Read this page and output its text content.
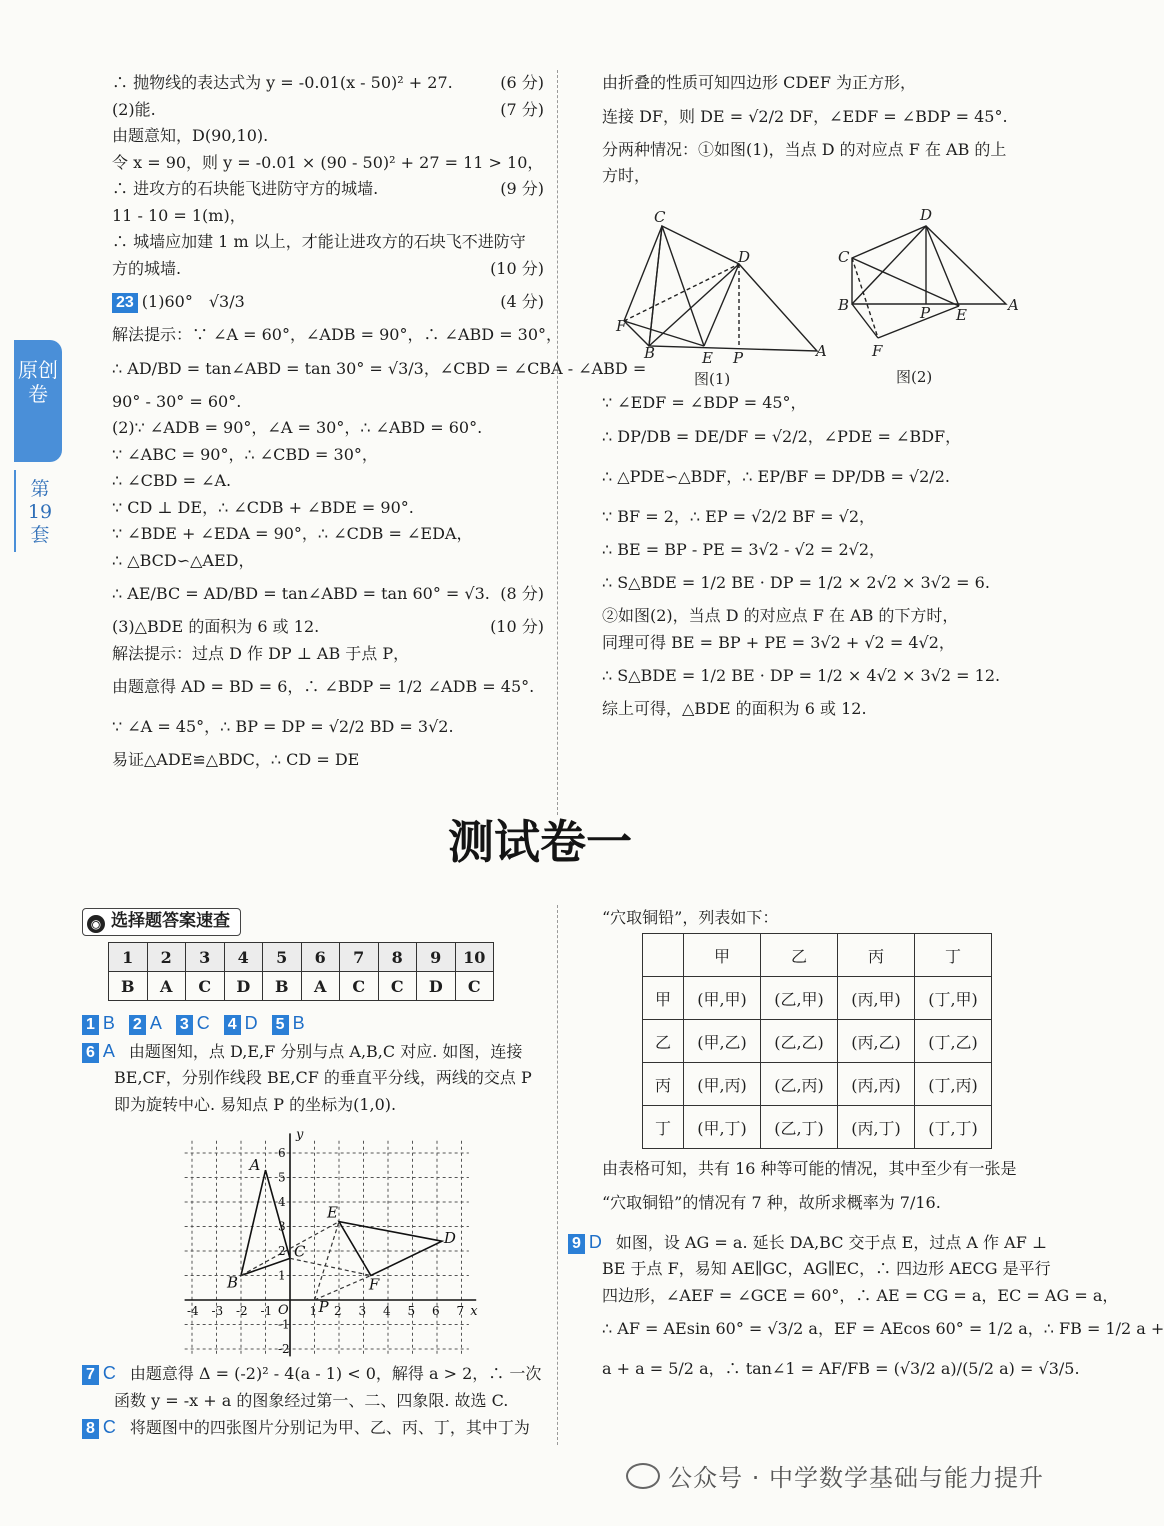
原创卷
第19套
(6 分)
∴ 抛物线的表达式为 y = -0.01(x - 50)² + 27.
(7 分)
(2)能.
由题意知，D(90,10).
令 x = 90，则 y = -0.01 × (90 - 50)² + 27 = 11 > 10，
(9 分)
∴ 进攻方的石块能飞进防守方的城墙.
11 - 10 = 1(m)，
∴ 城墙应加建 1 m 以上，才能让进攻方的石块飞不进防守
(10 分)
方的城墙.
(4 分)
23 (1)60°　√3/3
解法提示：∵ ∠A = 60°，∠ADB = 90°，∴ ∠ABD = 30°，
∴ AD/BD = tan∠ABD = tan 30° = √3/3，∠CBD = ∠CBA - ∠ABD =
90° - 30° = 60°.
(2)∵ ∠ADB = 90°，∠A = 30°，∴ ∠ABD = 60°.
∵ ∠ABC = 90°，∴ ∠CBD = 30°，
∴ ∠CBD = ∠A.
∵ CD ⊥ DE，∴ ∠CDB + ∠BDE = 90°.
∵ ∠BDE + ∠EDA = 90°，∴ ∠CDB = ∠EDA，
∴ △BCD∽△AED，
(8 分)
∴ AE/BC = AD/BD = tan∠ABD = tan 60° = √3.
(10 分)
(3)△BDE 的面积为 6 或 12.
解法提示：过点 D 作 DP ⊥ AB 于点 P，
由题意得 AD = BD = 6，∴ ∠BDP = 1/2 ∠ADB = 45°.
∵ ∠A = 45°，∴ BP = DP = √2/2 BD = 3√2.
易证△ADE≌△BDC，∴ CD = DE
由折叠的性质可知四边形 CDEF 为正方形，
连接 DF，则 DE = √2/2 DF，∠EDF = ∠BDP = 45°.
分两种情况：①如图(1)，当点 D 的对应点 F 在 AB 的上
方时，
C
D
F
B	E P	A
图(1)
D
C
B	P E
A
F
图(2)
∵ ∠EDF = ∠BDP = 45°，
∴ DP/DB = DE/DF = √2/2，∠PDE = ∠BDF，
∴ △PDE∽△BDF，∴ EP/BF = DP/DB = √2/2.
∵ BF = 2，∴ EP = √2/2 BF = √2，
∴ BE = BP - PE = 3√2 - √2 = 2√2，
∴ S△BDE = 1/2 BE · DP = 1/2 × 2√2 × 3√2 = 6.
②如图(2)，当点 D 的对应点 F 在 AB 的下方时，
同理可得 BE = BP + PE = 3√2 + √2 = 4√2，
∴ S△BDE = 1/2 BE · DP = 1/2 × 4√2 × 3√2 = 12.
综上可得，△BDE 的面积为 6 或 12.
测试卷一
◉ 选择题答案速查
1	2	3	4	5	6	7	8	9	10
B	A	C	D	B	A	C	C	D	C
1 B 2 A 3 C 4 D 5 B
6 A 由题图知，点 D,E,F 分别与点 A,B,C 对应. 如图，连接
BE,CF，分别作线段 BE,CF 的垂直平分线，两线的交点 P
即为旋转中心. 易知点 P 的坐标为(1,0).
A
B
C
D
E
F
P
O	x
y
-4 -3 -2 -1	1 2 3 4 5 6 7
6
5
4
3
2
1
-1
-2
7 C 由题意得 Δ = (-2)² - 4(a - 1) < 0，解得 a > 2，∴ 一次
函数 y = -x + a 的图象经过第一、二、四象限. 故选 C.
8 C 将题图中的四张图片分别记为甲、乙、丙、丁，其中丁为
“穴取铜铅”，列表如下：
	甲	乙	丙	丁
甲	(甲,甲)	(乙,甲)	(丙,甲)	(丁,甲)
乙	(甲,乙)	(乙,乙)	(丙,乙)	(丁,乙)
丙	(甲,丙)	(乙,丙)	(丙,丙)	(丁,丙)
丁	(甲,丁)	(乙,丁)	(丙,丁)	(丁,丁)
由表格可知，共有 16 种等可能的情况，其中至少有一张是
“穴取铜铅”的情况有 7 种，故所求概率为 7/16.
9 D 如图，设 AG = a. 延长 DA,BC 交于点 E，过点 A 作 AF ⊥
BE 于点 F，易知 AE∥GC，AG∥EC，∴ 四边形 AECG 是平行
四边形，∠AEF = ∠GCE = 60°，∴ AE = CG = a，EC = AG = a，
∴ AF = AEsin 60° = √3/2 a，EF = AEcos 60° = 1/2 a，∴ FB = 1/2 a +
a + a = 5/2 a，∴ tan∠1 = AF/FB = (√3/2 a)/(5/2 a) = √3/5.
公众号 · 中学数学基础与能力提升
